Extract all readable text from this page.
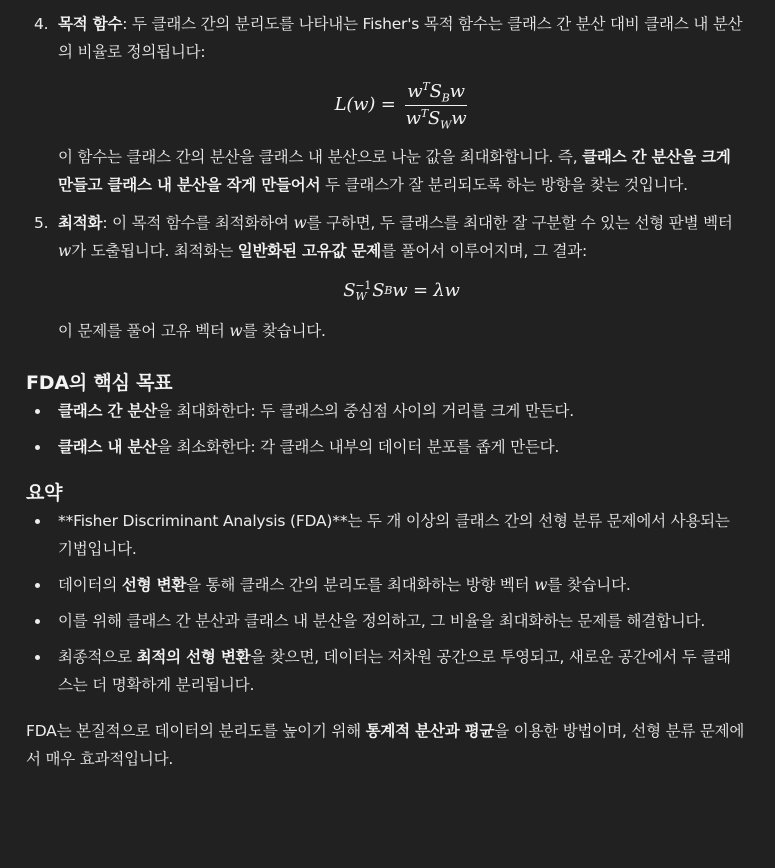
4. 목적 함수: 두 클래스 간의 분리도를 나타내는 Fisher's 목적 함수는 클래스 간 분산 대비 클래스 내 분산의 비율로 정의됩니다:

$L(w) = \frac{w^TS_Bw}{w^TS_Ww}$

이 함수는 클래스 간의 분산을 클래스 내 분산으로 나눈 값을 최대화합니다. 즉, 클래스 간 분산을 크게 만들고 클래스 내 분산을 작게 만들어서 두 클래스가 잘 분리되도록 하는 방향을 찾는 것입니다.

5. 최적화: 이 목적 함수를 최적화하여 w를 구하면, 두 클래스를 최대한 잘 구분할 수 있는 선형 판별 벡터 w가 도출됩니다. 최적화는 일반화된 고유값 문제를 풀어서 이루어지며, 그 결과:

S −1
W S B w = λw

이 문제를 풀어 고유 벡터 w를 찾습니다.

FDA의 핵심 목표
클래스 간 분산을 최대화한다: 두 클래스의 중심점 사이의 거리를 크게 만든다.
클래스 내 분산을 최소화한다: 각 클래스 내부의 데이터 분포를 좁게 만든다.
요약
**Fisher Discriminant Analysis (FDA)**는 두 개 이상의 클래스 간의 선형 분류 문제에서 사용되는 기법입니다.
데이터의 선형 변환을 통해 클래스 간의 분리도를 최대화하는 방향 벡터 w를 찾습니다.
이를 위해 클래스 간 분산과 클래스 내 분산을 정의하고, 그 비율을 최대화하는 문제를 해결합니다.
최종적으로 최적의 선형 변환을 찾으면, 데이터는 저차원 공간으로 투영되고, 새로운 공간에서 두 클래스는 더 명확하게 분리됩니다.

FDA는 본질적으로 데이터의 분리도를 높이기 위해 통계적 분산과 평균을 이용한 방법이며, 선형 분류 문제에서 매우 효과적입니다.
